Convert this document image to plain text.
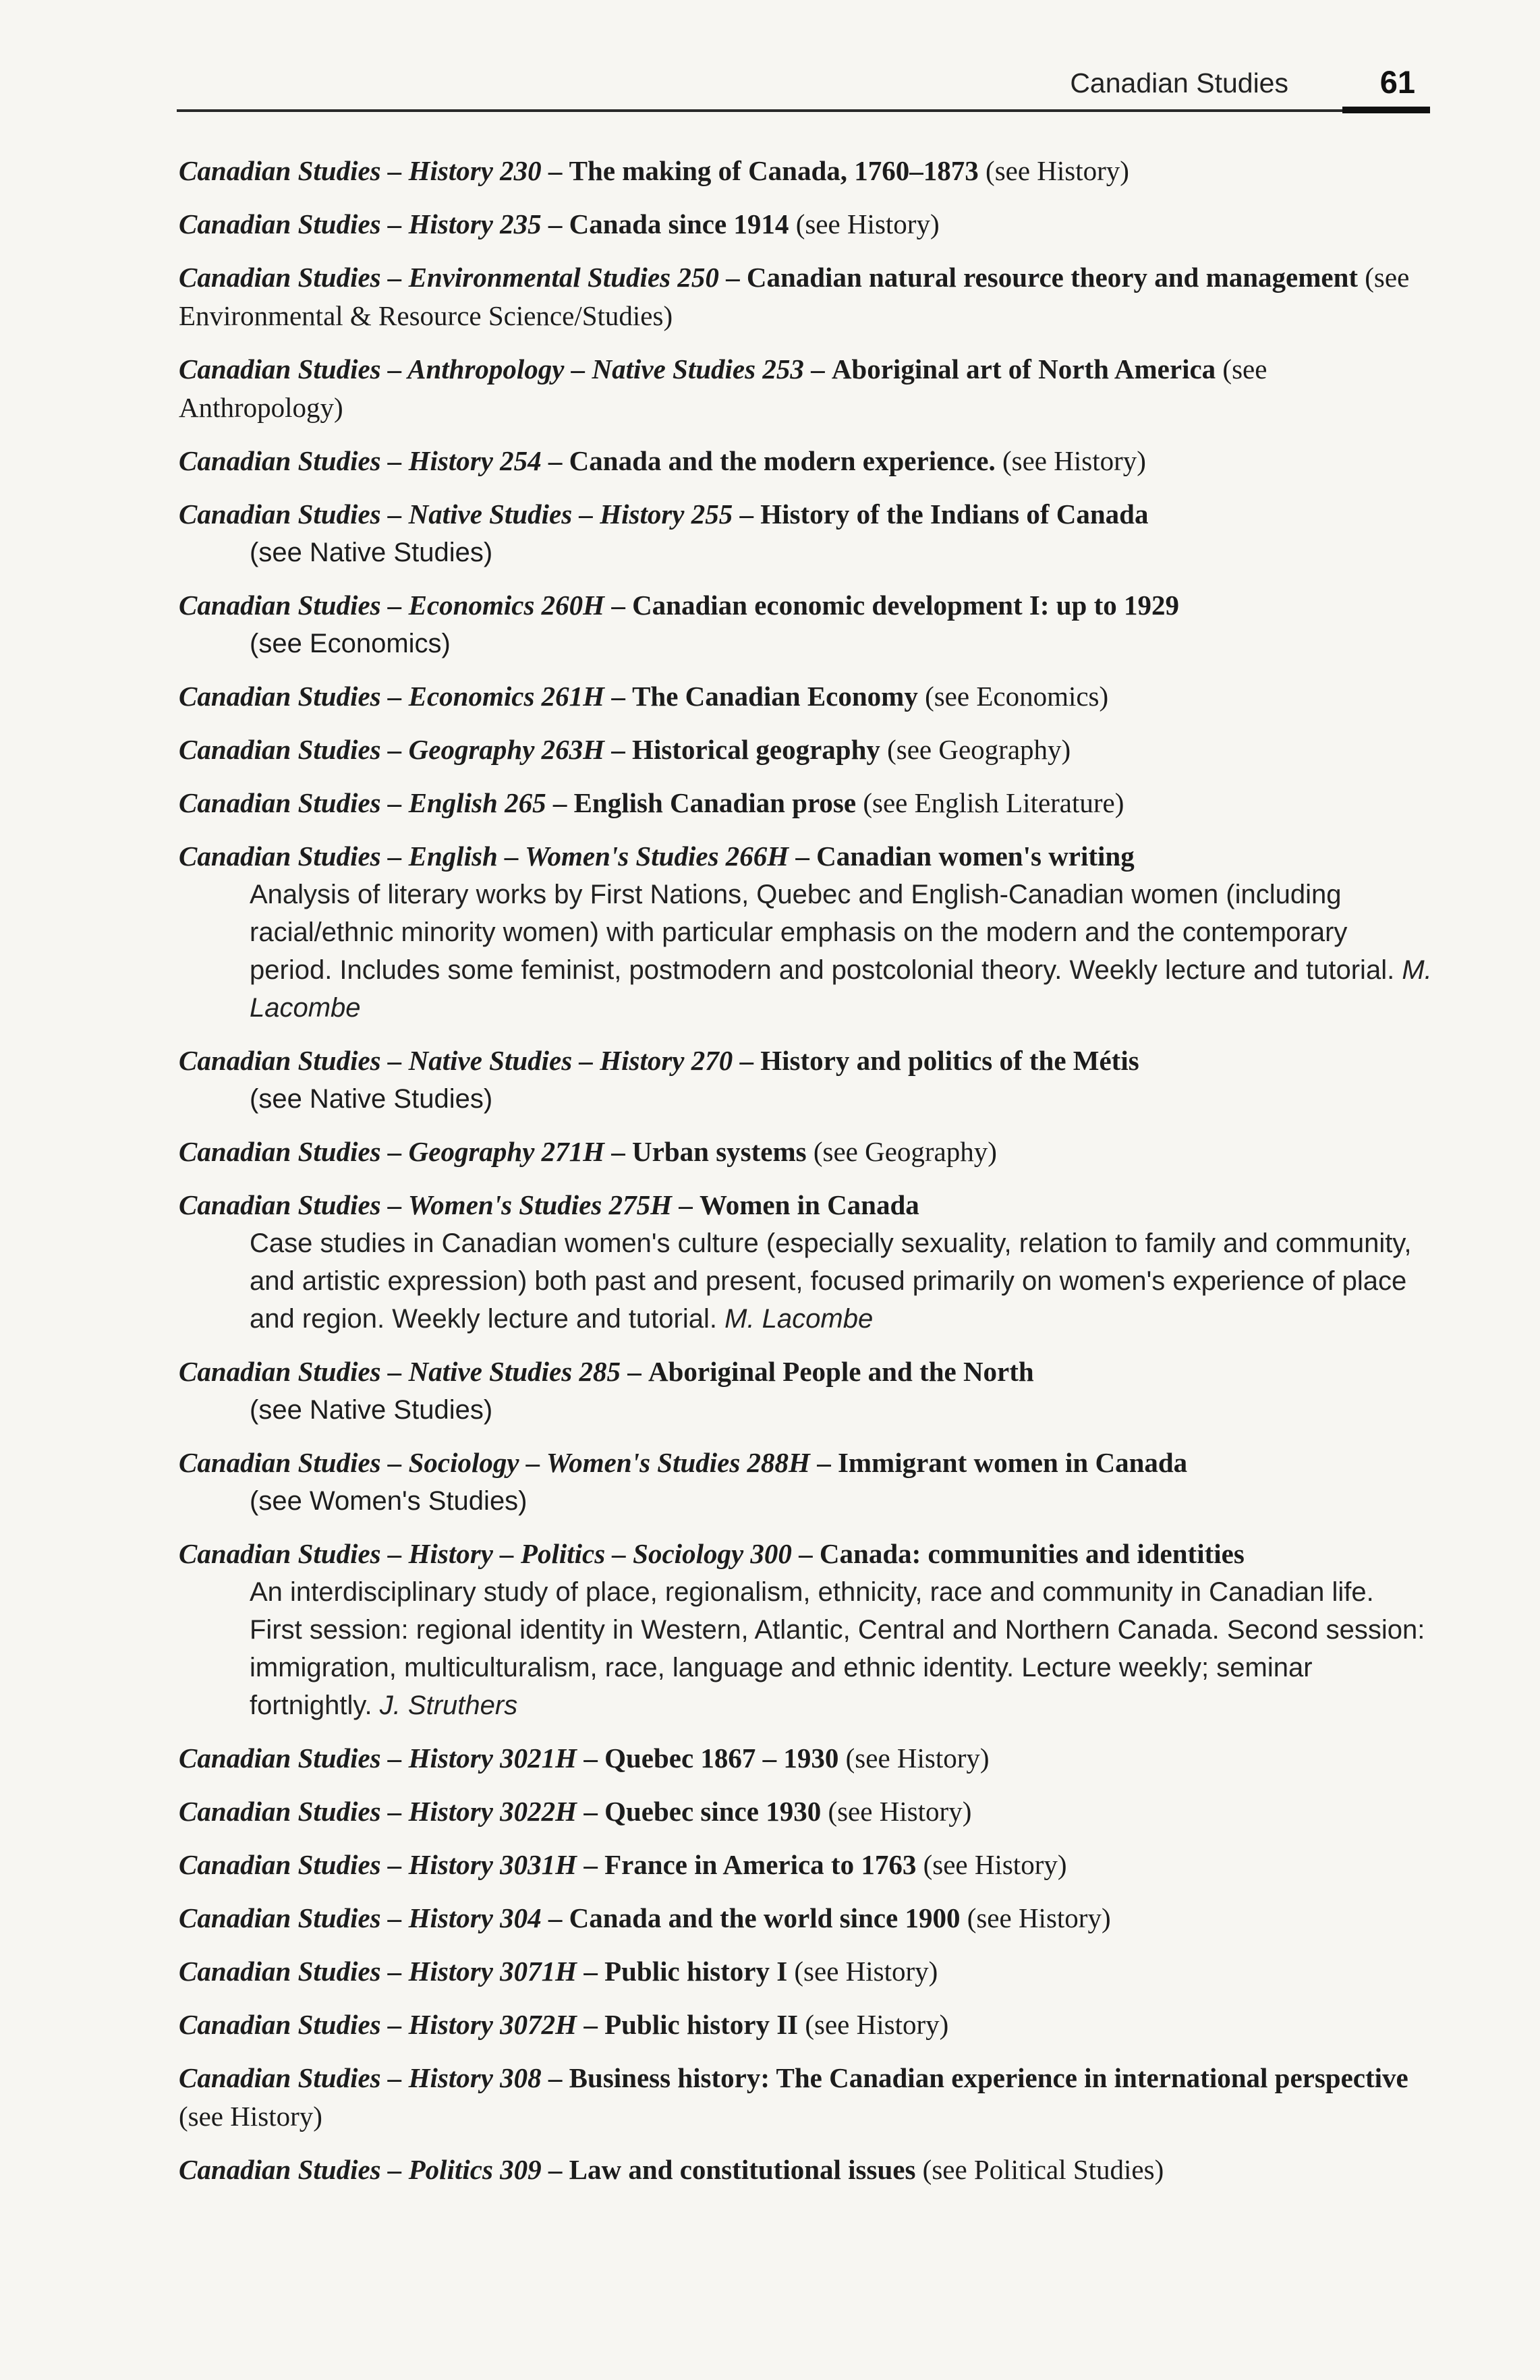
Canadian Studies	61
Canadian Studies – History 230 – The making of Canada, 1760–1873 (see History)
Canadian Studies – History 235 – Canada since 1914 (see History)
Canadian Studies – Environmental Studies 250 – Canadian natural resource theory and management (see Environmental & Resource Science/Studies)
Canadian Studies – Anthropology – Native Studies 253 – Aboriginal art of North America (see Anthropology)
Canadian Studies – History 254 – Canada and the modern experience. (see History)
Canadian Studies – Native Studies – History 255 – History of the Indians of Canada
(see Native Studies)
Canadian Studies – Economics 260H – Canadian economic development I: up to 1929
(see Economics)
Canadian Studies – Economics 261H – The Canadian Economy (see Economics)
Canadian Studies – Geography 263H – Historical geography (see Geography)
Canadian Studies – English 265 – English Canadian prose (see English Literature)
Canadian Studies – English – Women's Studies 266H – Canadian women's writing
Analysis of literary works by First Nations, Quebec and English-Canadian women (including racial/ethnic minority women) with particular emphasis on the modern and the contemporary period. Includes some feminist, postmodern and postcolonial theory. Weekly lecture and tutorial. M. Lacombe
Canadian Studies – Native Studies – History 270 – History and politics of the Métis
(see Native Studies)
Canadian Studies – Geography 271H – Urban systems (see Geography)
Canadian Studies – Women's Studies 275H – Women in Canada
Case studies in Canadian women's culture (especially sexuality, relation to family and community, and artistic expression) both past and present, focused primarily on women's experience of place and region. Weekly lecture and tutorial. M. Lacombe
Canadian Studies – Native Studies 285 – Aboriginal People and the North
(see Native Studies)
Canadian Studies – Sociology – Women's Studies 288H – Immigrant women in Canada
(see Women's Studies)
Canadian Studies – History – Politics – Sociology 300 – Canada: communities and identities
An interdisciplinary study of place, regionalism, ethnicity, race and community in Canadian life. First session: regional identity in Western, Atlantic, Central and Northern Canada. Second session: immigration, multiculturalism, race, language and ethnic identity. Lecture weekly; seminar fortnightly. J. Struthers
Canadian Studies – History 3021H – Quebec 1867 – 1930 (see History)
Canadian Studies – History 3022H – Quebec since 1930 (see History)
Canadian Studies – History 3031H – France in America to 1763 (see History)
Canadian Studies – History 304 – Canada and the world since 1900 (see History)
Canadian Studies – History 3071H – Public history I (see History)
Canadian Studies – History 3072H – Public history II (see History)
Canadian Studies – History 308 – Business history: The Canadian experience in international perspective (see History)
Canadian Studies – Politics 309 – Law and constitutional issues (see Political Studies)
